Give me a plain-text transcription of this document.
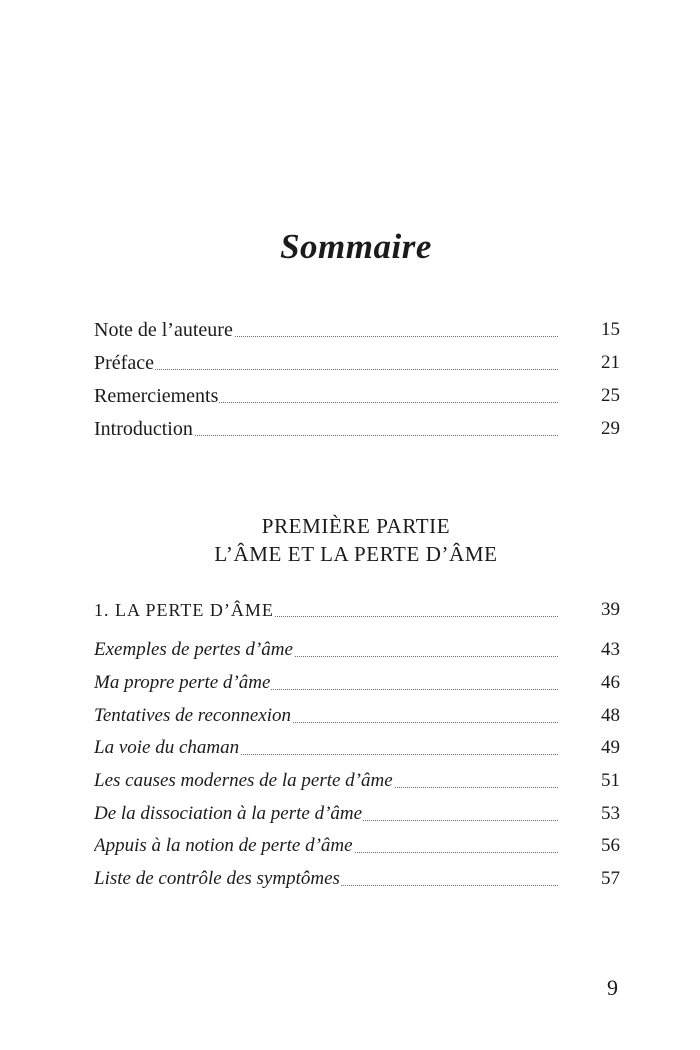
Sommaire
Note de l’auteure	15
Préface	21
Remerciements	25
Introduction	29
PREMIÈRE PARTIE
L’ÂME ET LA PERTE D’ÂME
1. LA PERTE D’ÂME	39
Exemples de pertes d’âme	43
Ma propre perte d’âme	46
Tentatives de reconnexion	48
La voie du chaman	49
Les causes modernes de la perte d’âme	51
De la dissociation à la perte d’âme	53
Appuis à la notion de perte d’âme	56
Liste de contrôle des symptômes	57
9
